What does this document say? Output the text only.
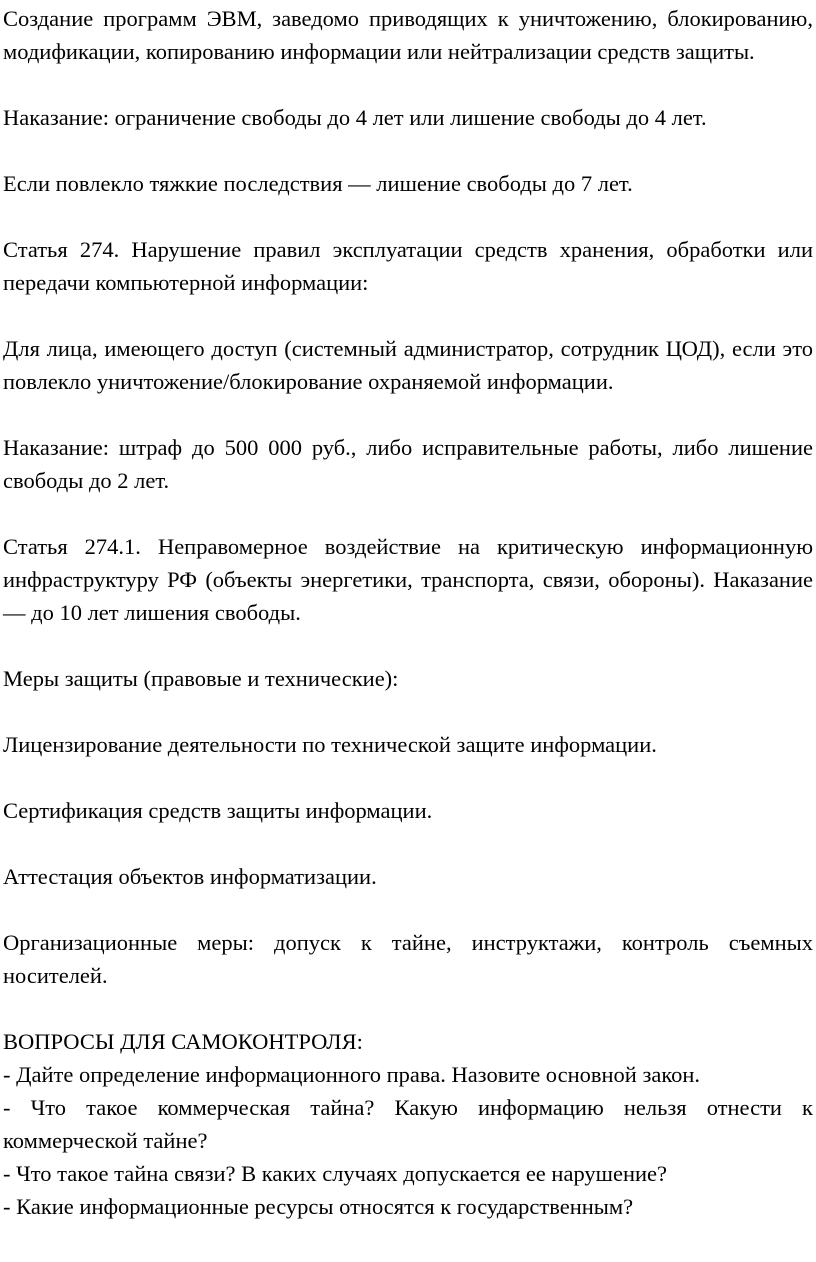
Создание программ ЭВМ, заведомо приводящих к уничтожению, блокированию, модификации, копированию информации или нейтрализации средств защиты.

Наказание: ограничение свободы до 4 лет или лишение свободы до 4 лет.

Если повлекло тяжкие последствия — лишение свободы до 7 лет.

Статья 274. Нарушение правил эксплуатации средств хранения, обработки или передачи компьютерной информации:

Для лица, имеющего доступ (системный администратор, сотрудник ЦОД), если это повлекло уничтожение/блокирование охраняемой информации.

Наказание: штраф до 500 000 руб., либо исправительные работы, либо лишение свободы до 2 лет.

Статья 274.1. Неправомерное воздействие на критическую информационную инфраструктуру РФ (объекты энергетики, транспорта, связи, обороны). Наказание — до 10 лет лишения свободы.

Меры защиты (правовые и технические):

Лицензирование деятельности по технической защите информации.

Сертификация средств защиты информации.

Аттестация объектов информатизации.

Организационные меры: допуск к тайне, инструктажи, контроль съемных носителей.

ВОПРОСЫ ДЛЯ САМОКОНТРОЛЯ:

- Дайте определение информационного права. Назовите основной закон.

- Что такое коммерческая тайна? Какую информацию нельзя отнести к коммерческой тайне?

- Что такое тайна связи? В каких случаях допускается ее нарушение?

- Какие информационные ресурсы относятся к государственным?
